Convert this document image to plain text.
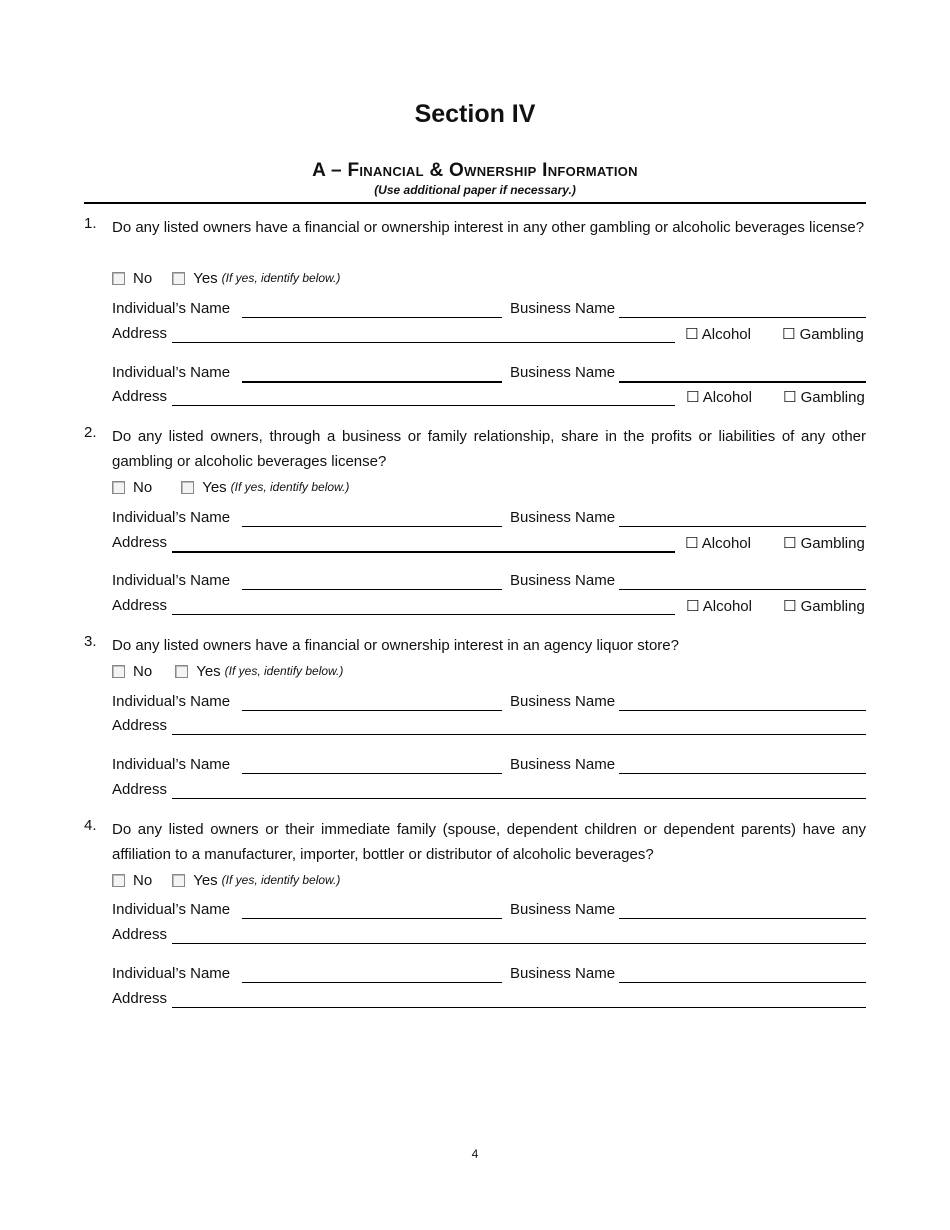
Section IV
A – Financial & Ownership Information
(Use additional paper if necessary.)
1.	Do any listed owners have a financial or ownership interest in any other gambling or alcoholic beverages license?
No	Yes (If yes, identify below.)
Individual’s Name	Business Name
Address	☐ Alcohol ☐ Gambling
Individual’s Name	Business Name
Address	☐ Alcohol ☐ Gambling
2.	Do any listed owners, through a business or family relationship, share in the profits or liabilities of any other gambling or alcoholic beverages license?
No	Yes (If yes, identify below.)
Individual’s Name	Business Name
Address	☐ Alcohol ☐ Gambling
Individual’s Name	Business Name
Address	☐ Alcohol ☐ Gambling
3.	Do any listed owners have a financial or ownership interest in an agency liquor store?
No	Yes (If yes, identify below.)
Individual’s Name	Business Name
Address
Individual’s Name	Business Name
Address
4.	Do any listed owners or their immediate family (spouse, dependent children or dependent parents) have any affiliation to a manufacturer, importer, bottler or distributor of alcoholic beverages?
No	Yes (If yes, identify below.)
Individual’s Name	Business Name
Address
Individual’s Name	Business Name
Address
4
